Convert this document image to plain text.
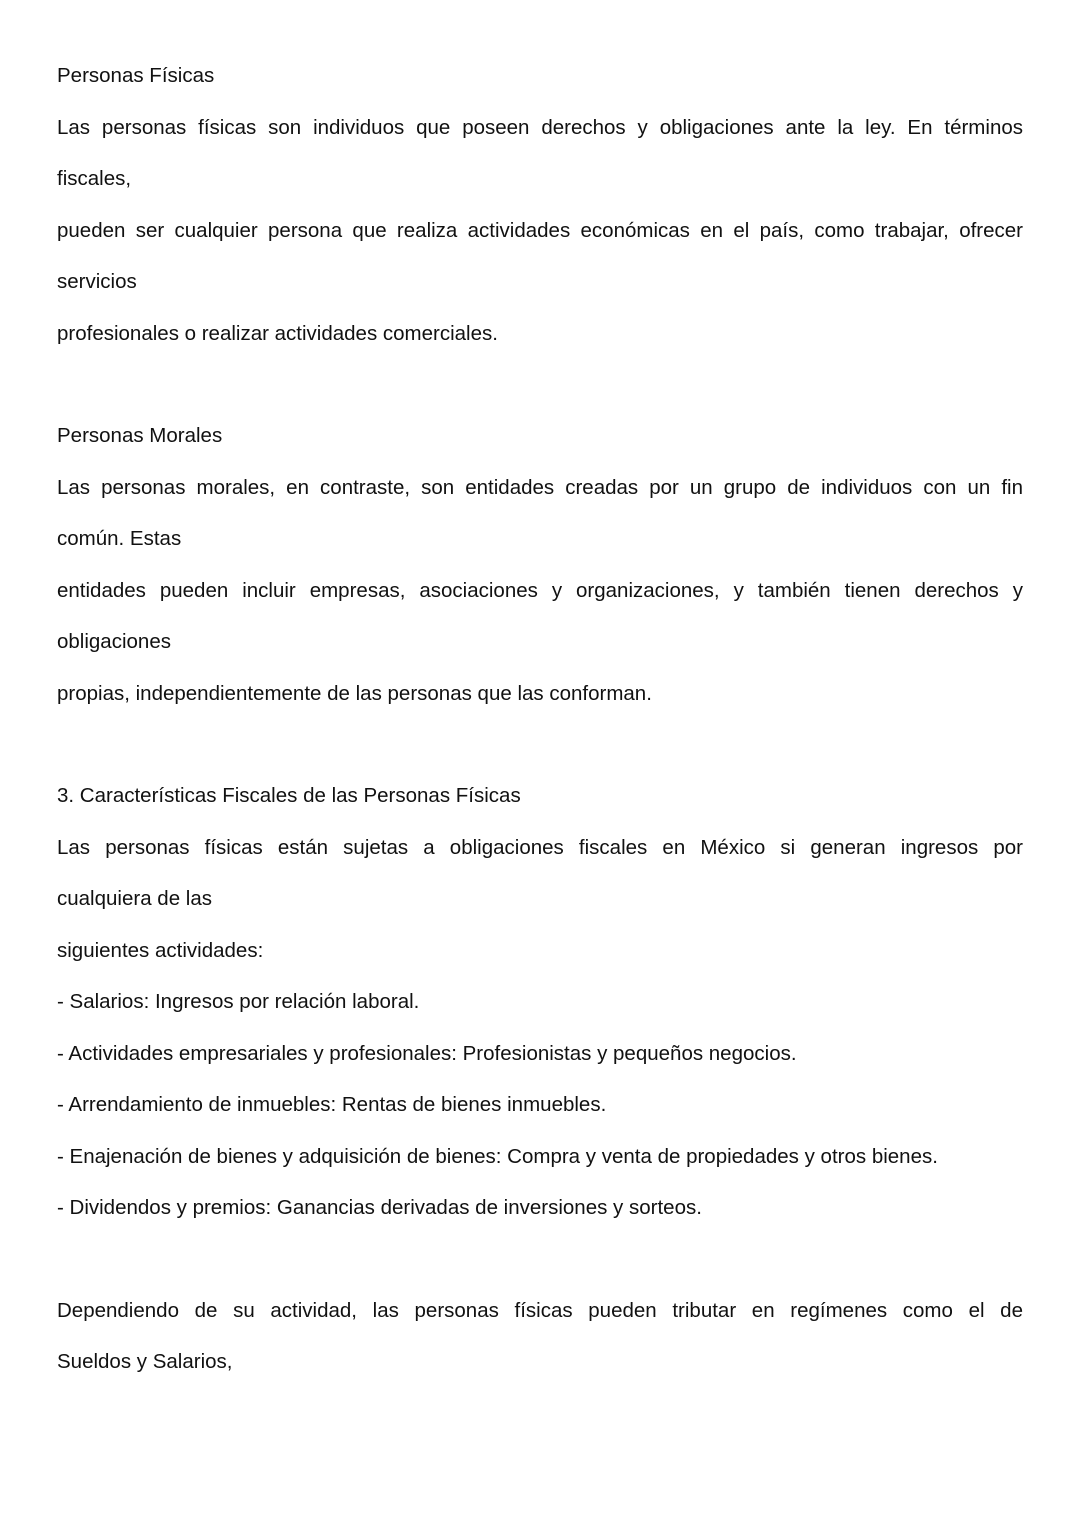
Personas Físicas
Las personas físicas son individuos que poseen derechos y obligaciones ante la ley. En términos
fiscales,
pueden ser cualquier persona que realiza actividades económicas en el país, como trabajar, ofrecer
servicios
profesionales o realizar actividades comerciales.
Personas Morales
Las personas morales, en contraste, son entidades creadas por un grupo de individuos con un fin
común. Estas
entidades pueden incluir empresas, asociaciones y organizaciones, y también tienen derechos y
obligaciones
propias, independientemente de las personas que las conforman.
3. Características Fiscales de las Personas Físicas
Las personas físicas están sujetas a obligaciones fiscales en México si generan ingresos por
cualquiera de las
siguientes actividades:
- Salarios: Ingresos por relación laboral.
- Actividades empresariales y profesionales: Profesionistas y pequeños negocios.
- Arrendamiento de inmuebles: Rentas de bienes inmuebles.
- Enajenación de bienes y adquisición de bienes: Compra y venta de propiedades y otros bienes.
- Dividendos y premios: Ganancias derivadas de inversiones y sorteos.
Dependiendo de su actividad, las personas físicas pueden tributar en regímenes como el de
Sueldos y Salarios,
